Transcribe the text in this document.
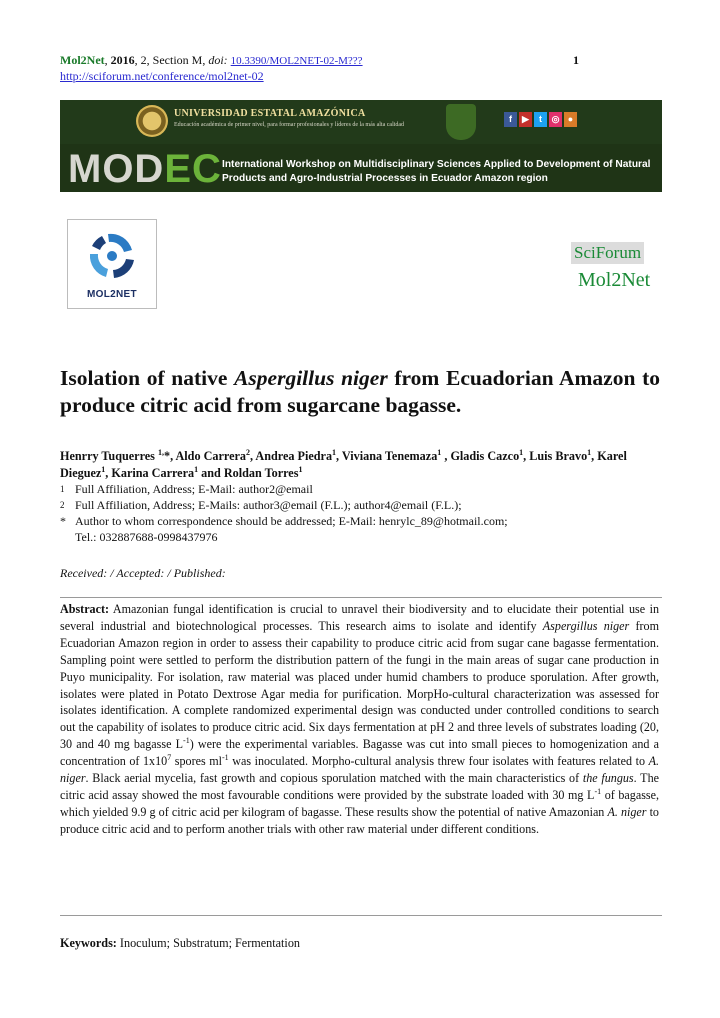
Mol2Net, 2016, 2, Section M, doi: 10.3390/MOL2NET-02-M???	1
http://sciforum.net/conference/mol2net-02
UNIVERSIDAD ESTATAL AMAZÓNICA
Educación académica de primer nivel, para formar profesionales y líderes de la más alta calidad
f ▶ t ◎ ●
MODEC International Workshop on Multidisciplinary Sciences Applied to Development of Natural Products and Agro-Industrial Processes in Ecuador Amazon region
MOL2NET
SciForum
Mol2Net
Isolation of native Aspergillus niger from Ecuadorian Amazon to produce citric acid from sugarcane bagasse.
Henrry Tuquerres $^{1,}$*, Aldo Carrera$^2$, Andrea Piedra$^1$, Viviana Tenemaza$^1$ , Gladis Cazco$^1$, Luis Bravo$^1$, Karel Dieguez$^1$, Karina Carrera$^1$ and Roldan Torres$^1$
1 Full Affiliation, Address; E-Mail: author2@email
2 Full Affiliation, Address; E-Mails: author3@email (F.L.); author4@email (F.L.);
* Author to whom correspondence should be addressed; E-Mail: henrylc_89@hotmail.com;
Tel.: 032887688-0998437976
Received: / Accepted: / Published:
Abstract: Amazonian fungal identification is crucial to unravel their biodiversity and to elucidate their potential use in several industrial and biotechnological processes. This research aims to isolate and identify Aspergillus niger from Ecuadorian Amazon region in order to assess their capability to produce citric acid from sugar cane bagasse fermentation. Sampling point were settled to perform the distribution pattern of the fungi in the main areas of sugar cane production in Puyo municipality. For isolation, raw material was placed under humid chambers to produce sporulation. After growth, isolates were plated in Potato Dextrose Agar media for purification. MorpHo-cultural characterization was assessed for isolates identification. A complete randomized experimental design was conducted under controlled conditions to search out the capability of isolates to produce citric acid. Six days fermentation at pH 2 and three levels of substrates loading (20, 30 and 40 mg bagasse $L^{-1}$) were the experimental variables. Bagasse was cut into small pieces to homogenization and a concentration of $1x10^7$ spores $ml^{-1}$ was inoculated. Morpho-cultural analysis threw four isolates with features related to A. niger. Black aerial mycelia, fast growth and copious sporulation matched with the main characteristics of the fungus. The citric acid assay showed the most favourable conditions were provided by the substrate loaded with 30 mg $L^{-1}$ of bagasse, which yielded 9.9 g of citric acid per kilogram of bagasse. These results show the potential of native Amazonian A. niger to produce citric acid and to perform another trials with other raw material under different conditions.
Keywords: Inoculum; Substratum; Fermentation
